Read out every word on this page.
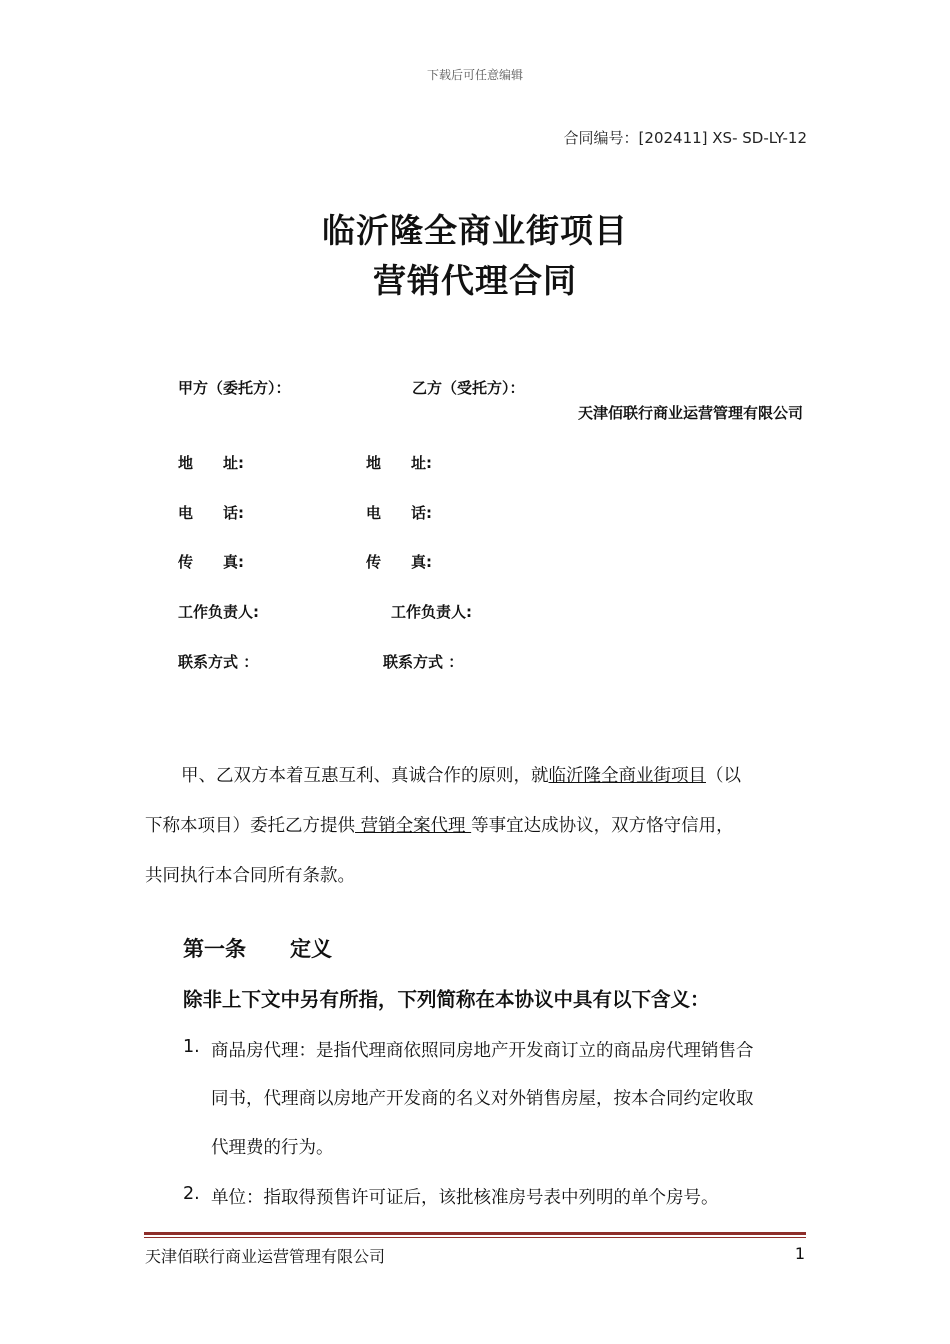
下载后可任意编辑
合同编号：[202411] XS- SD-LY-12
临沂隆全商业街项目
营销代理合同
甲方（委托方）：	乙方（受托方）：
天津佰联行商业运营管理有限公司
地　　址:	地　　址:
电　　话:	电　　话:
传　　真:	传　　真:
工作负责人:	工作负责人:
联系方式 ：	联系方式 ：
甲、乙双方本着互惠互利、真诚合作的原则，就临沂隆全商业街项目（以
下称本项目）委托乙方提供 营销全案代理 等事宜达成协议，双方恪守信用，
共同执行本合同所有条款。
第一条 定义
除非上下文中另有所指，下列简称在本协议中具有以下含义：
1. 商品房代理：是指代理商依照同房地产开发商订立的商品房代理销售合
同书，代理商以房地产开发商的名义对外销售房屋，按本合同约定收取
代理费的行为。
2. 单位：指取得预售许可证后，该批核准房号表中列明的单个房号。
天津佰联行商业运营管理有限公司	1
